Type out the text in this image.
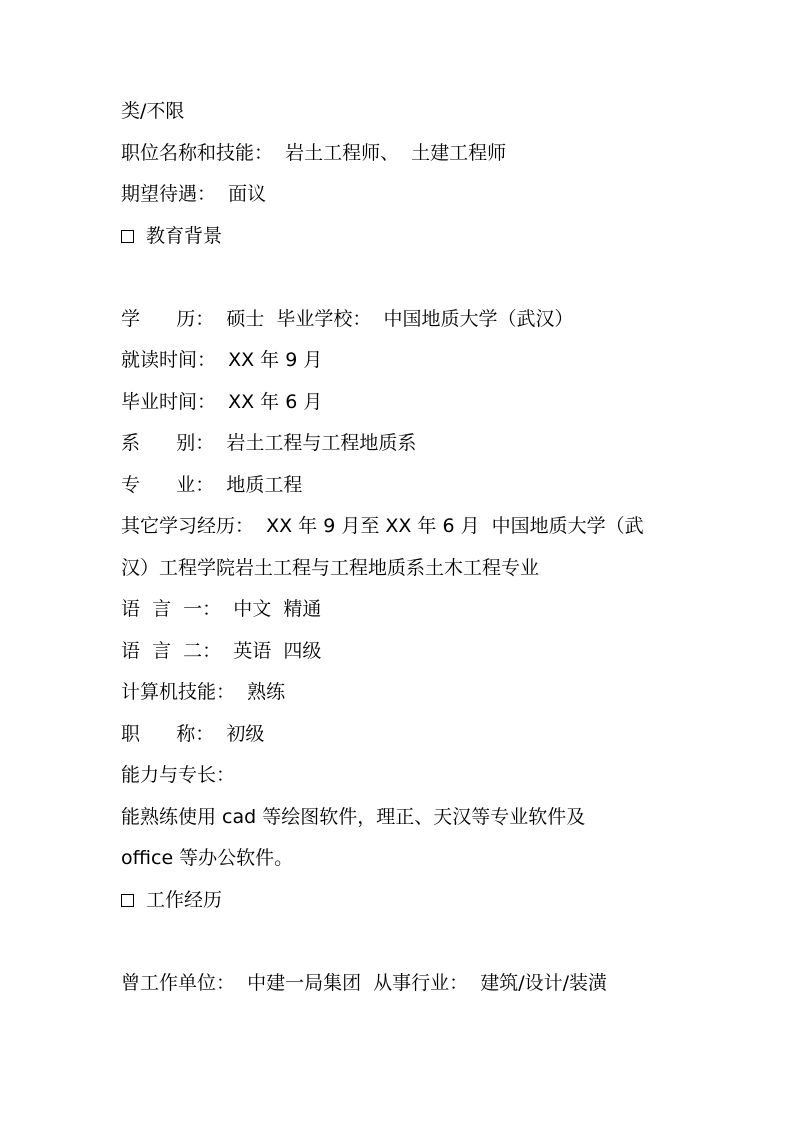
类/不限
职位名称和技能：  岩土工程师、  土建工程师
期望待遇：  面议
教育背景
学      历：  硕士  毕业学校：  中国地质大学（武汉）
就读时间：  XX 年 9 月
毕业时间：  XX 年 6 月
系      别：  岩土工程与工程地质系
专      业：  地质工程
其它学习经历：  XX 年 9 月至 XX 年 6 月  中国地质大学（武
汉）工程学院岩土工程与工程地质系土木工程专业
语  言  一：  中文  精通
语  言  二：  英语  四级
计算机技能：  熟练
职      称：  初级
能力与专长：
能熟练使用 cad 等绘图软件，理正、天汉等专业软件及
office 等办公软件。
工作经历
曾工作单位：  中建一局集团  从事行业：  建筑/设计/装潢
